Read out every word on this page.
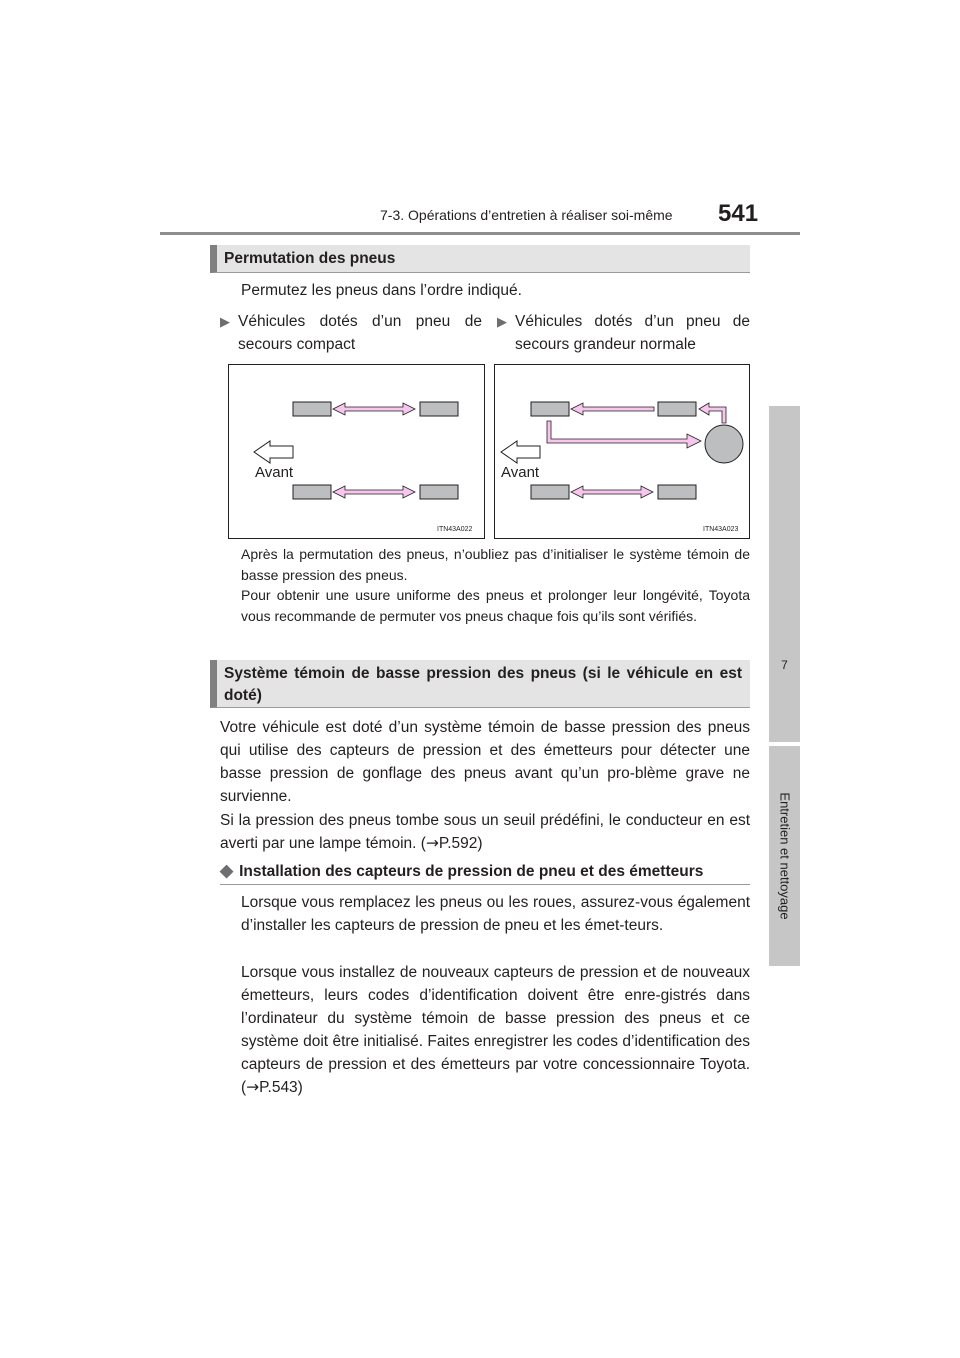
7-3. Opérations d’entretien à réaliser soi-même 541
7
Entretien et nettoyage
Permutation des pneus
Permutez les pneus dans l’ordre indiqué.
▶ Véhicules dotés d’un pneu de secours compact
▶ Véhicules dotés d’un pneu de secours grandeur normale
Avant
ITN43A022
Avant
ITN43A023
Après la permutation des pneus, n’oubliez pas d’initialiser le système témoin de basse pression des pneus.
Pour obtenir une usure uniforme des pneus et prolonger leur longévité, Toyota vous recommande de permuter vos pneus chaque fois qu’ils sont vérifiés.
Système témoin de basse pression des pneus (si le véhicule en est doté)
Votre véhicule est doté d’un système témoin de basse pression des pneus qui utilise des capteurs de pression et des émetteurs pour détecter une basse pression de gonflage des pneus avant qu’un pro-blème grave ne survienne.
Si la pression des pneus tombe sous un seuil prédéfini, le conducteur en est averti par une lampe témoin. (→P.592)
◆ Installation des capteurs de pression de pneu et des émetteurs
Lorsque vous remplacez les pneus ou les roues, assurez-vous également d’installer les capteurs de pression de pneu et les émet-teurs.
Lorsque vous installez de nouveaux capteurs de pression et de nouveaux émetteurs, leurs codes d’identification doivent être enre-gistrés dans l’ordinateur du système témoin de basse pression des pneus et ce système doit être initialisé. Faites enregistrer les codes d’identification des capteurs de pression et des émetteurs par votre concessionnaire Toyota. (→P.543)
